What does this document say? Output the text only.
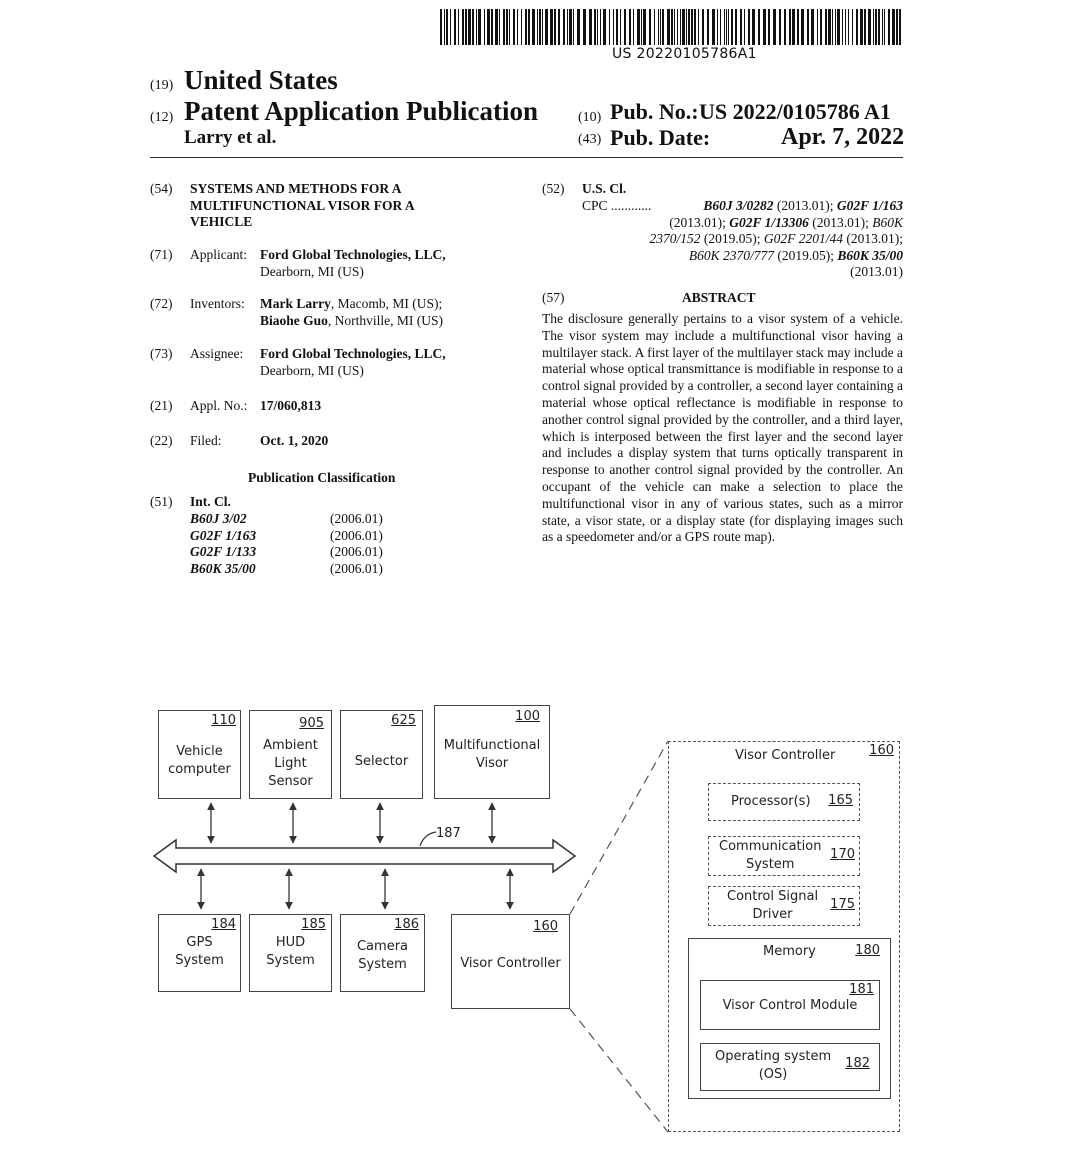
US 20220105786A1
(19) United States
(12) Patent Application Publication
Larry et al.
(10) Pub. No.: US 2022/0105786 A1
(43) Pub. Date:	Apr. 7, 2022
(54) SYSTEMS AND METHODS FOR A
MULTIFUNCTIONAL VISOR FOR A
VEHICLE
(71) Applicant: Ford Global Technologies, LLC,
Dearborn, MI (US)
(72) Inventors: Mark Larry, Macomb, MI (US);
Biaohe Guo, Northville, MI (US)
(73) Assignee: Ford Global Technologies, LLC,
Dearborn, MI (US)
(21) Appl. No.: 17/060,813
(22) Filed:	Oct. 1, 2020
Publication Classification
(51) Int. Cl.
B60J 3/02	(2006.01)
G02F 1/163	(2006.01)
G02F 1/133	(2006.01)
B60K 35/00	(2006.01)
(52) U.S. Cl.
CPC ............	B60J 3/0282 (2013.01); G02F 1/163
(2013.01); G02F 1/13306 (2013.01); B60K
2370/152 (2019.05); G02F 2201/44 (2013.01);
B60K 2370/777 (2019.05); B60K 35/00
(2013.01)
(57)	ABSTRACT
The disclosure generally pertains to a visor system of a vehicle. The visor system may include a multifunctional visor having a multilayer stack. A first layer of the multilayer stack may include a material whose optical transmittance is modifiable in response to a control signal provided by a controller, a second layer containing a material whose optical reflectance is modifiable in response to another control signal provided by the controller, and a third layer, which is interposed between the first layer and the second layer and includes a display system that turns optically transparent in response to another control signal provided by the controller. An occupant of the vehicle can make a selection to place the multifunctional visor in any of various states, such as a mirror state, a visor state, or a display state (for displaying images such as a speedometer and/or a GPS route map).
187
110
Vehicle
computer
905
Ambient
Light
Sensor
625
Selector
100
Multifunctional
Visor
184
GPS
System
185
HUD
System
186
Camera
System
160
Visor Controller
Visor Controller	160
Processor(s) 165
Communication
System
170
Control Signal
Driver
175
Memory	180
181
Visor Control Module
Operating system
(OS)
182
